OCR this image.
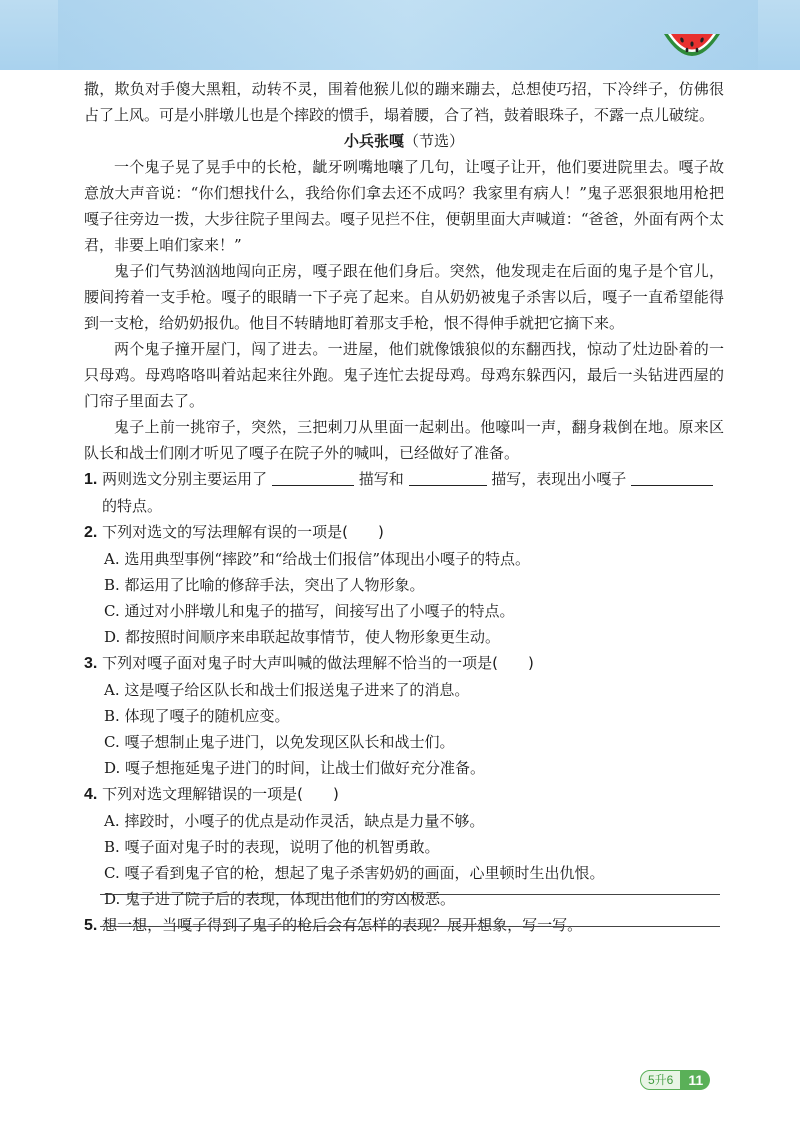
撒，欺负对手傻大黑粗，动转不灵，围着他猴儿似的蹦来蹦去，总想使巧招，下冷绊子，仿佛很占了上风。可是小胖墩儿也是个摔跤的惯手，塌着腰，合了裆，鼓着眼珠子，不露一点儿破绽。

小兵张嘎（节选）

一个鬼子晃了晃手中的长枪，龇牙咧嘴地嚷了几句，让嘎子让开，他们要进院里去。嘎子故意放大声音说：“你们想找什么，我给你们拿去还不成吗？我家里有病人！”鬼子恶狠狠地用枪把嘎子往旁边一拨，大步往院子里闯去。嘎子见拦不住，便朝里面大声喊道：“爸爸，外面有两个太君，非要上咱们家来！”

鬼子们气势汹汹地闯向正房，嘎子跟在他们身后。突然，他发现走在后面的鬼子是个官儿，腰间挎着一支手枪。嘎子的眼睛一下子亮了起来。自从奶奶被鬼子杀害以后，嘎子一直希望能得到一支枪，给奶奶报仇。他目不转睛地盯着那支手枪，恨不得伸手就把它摘下来。

两个鬼子撞开屋门，闯了进去。一进屋，他们就像饿狼似的东翻西找，惊动了灶边卧着的一只母鸡。母鸡咯咯叫着站起来往外跑。鬼子连忙去捉母鸡。母鸡东躲西闪，最后一头钻进西屋的门帘子里面去了。

鬼子上前一挑帘子，突然，三把刺刀从里面一起刺出。他嚎叫一声，翻身栽倒在地。原来区队长和战士们刚才听见了嘎子在院子外的喊叫，已经做好了准备。

1. 两则选文分别主要运用了	描写和	描写，表现出小嘎子

的特点。

2. 下列对选文的写法理解有误的一项是(　　)

A. 选用典型事例“摔跤”和“给战士们报信”体现出小嘎子的特点。

B. 都运用了比喻的修辞手法，突出了人物形象。

C. 通过对小胖墩儿和鬼子的描写，间接写出了小嘎子的特点。

D. 都按照时间顺序来串联起故事情节，使人物形象更生动。

3. 下列对嘎子面对鬼子时大声叫喊的做法理解不恰当的一项是(　　)

A. 这是嘎子给区队长和战士们报送鬼子进来了的消息。

B. 体现了嘎子的随机应变。

C. 嘎子想制止鬼子进门，以免发现区队长和战士们。

D. 嘎子想拖延鬼子进门的时间，让战士们做好充分准备。

4. 下列对选文理解错误的一项是(　　)

A. 摔跤时，小嘎子的优点是动作灵活，缺点是力量不够。

B. 嘎子面对鬼子时的表现，说明了他的机智勇敢。

C. 嘎子看到鬼子官的枪，想起了鬼子杀害奶奶的画面，心里顿时生出仇恨。

D. 鬼子进了院子后的表现，体现出他们的穷凶极恶。

5. 想一想，当嘎子得到了鬼子的枪后会有怎样的表现？展开想象，写一写。

5升6	11
